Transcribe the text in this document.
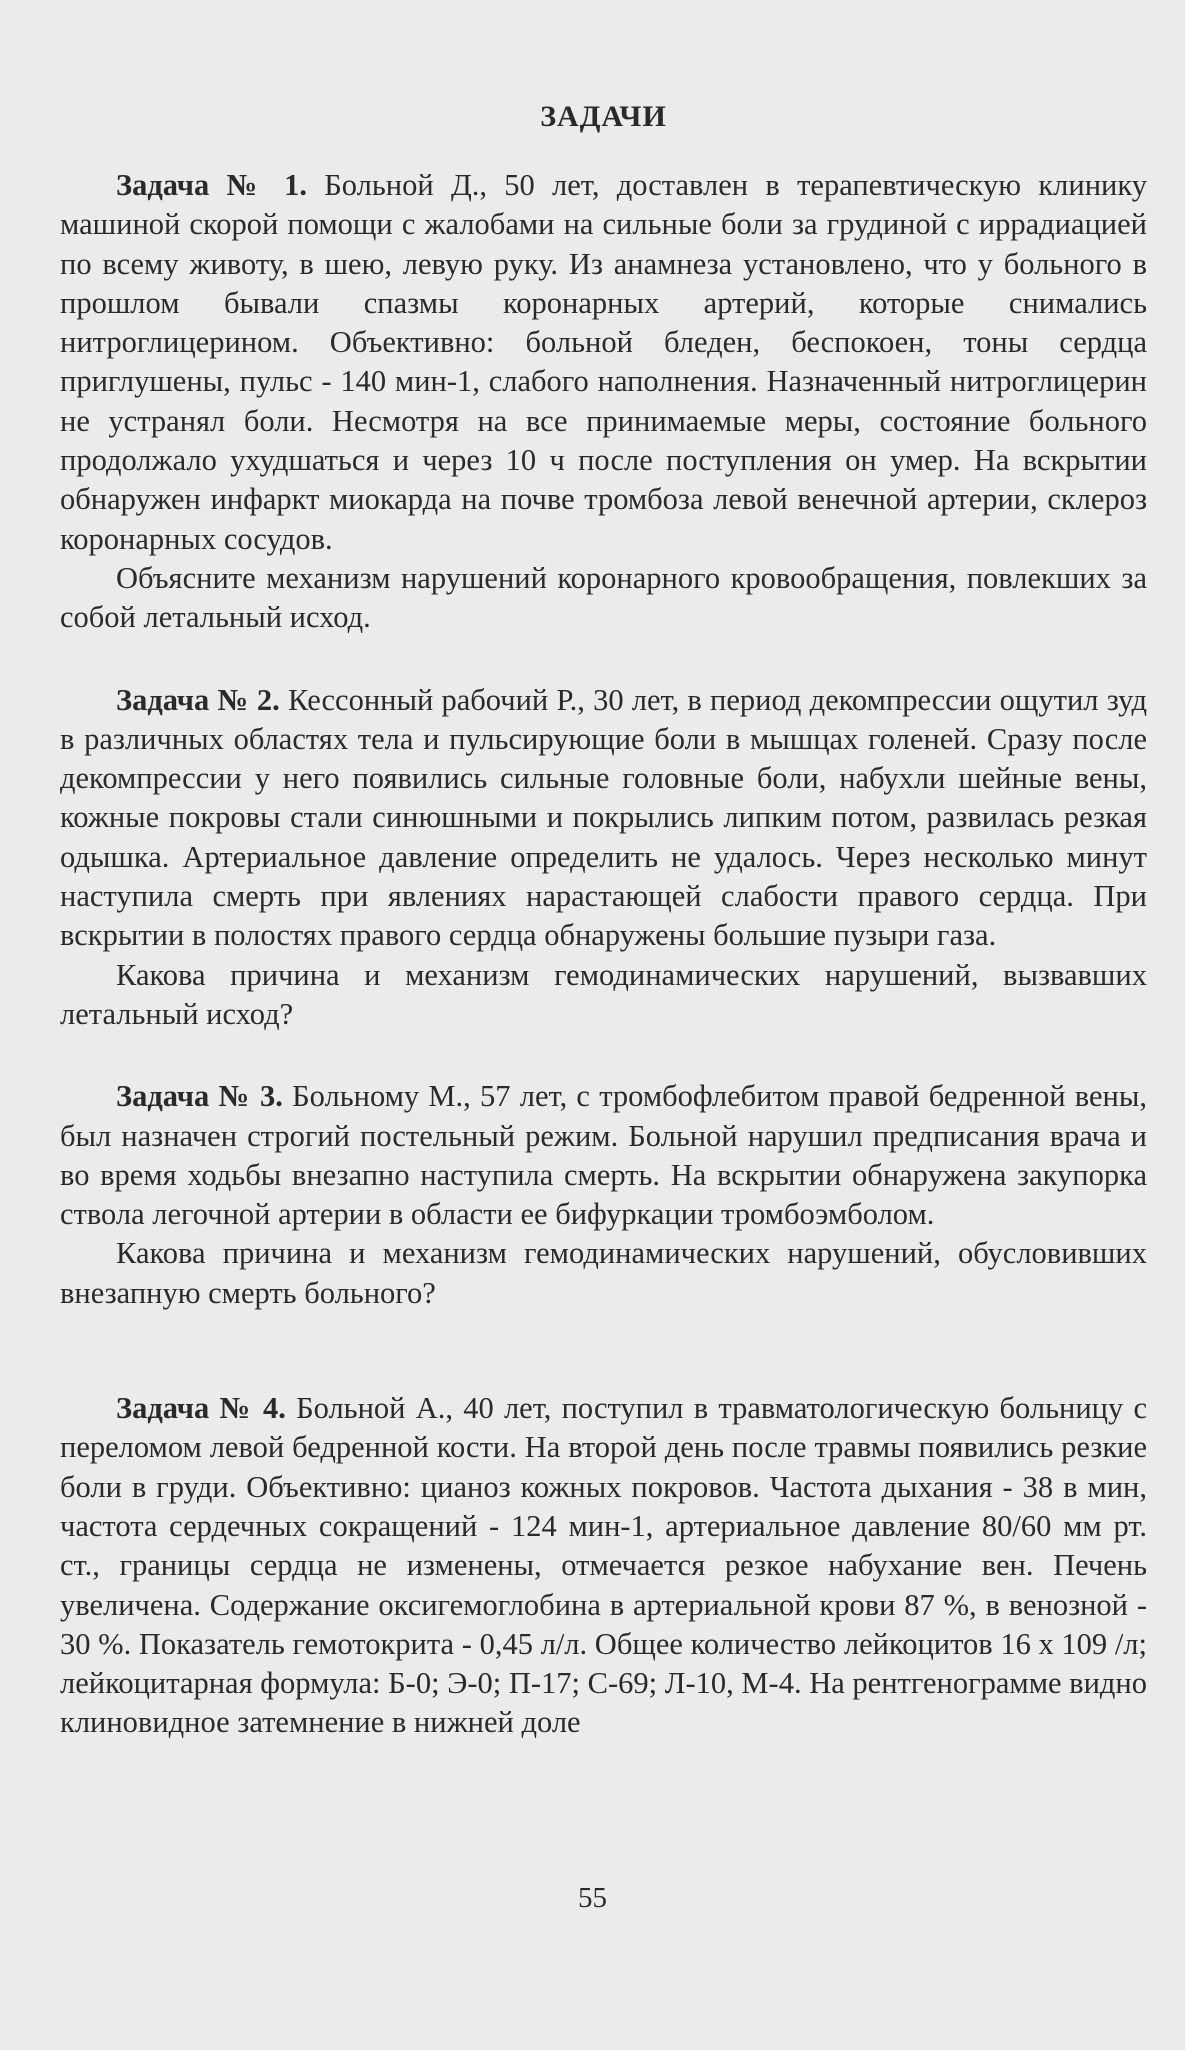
ЗАДАЧИ

Задача № 1. Больной Д., 50 лет, доставлен в терапевтическую клинику машиной скорой помощи с жалобами на сильные боли за грудиной с иррадиацией по всему животу, в шею, левую руку. Из анамнеза установлено, что у больного в прошлом бывали спазмы коронарных артерий, которые снимались нитроглицерином. Объективно: больной бледен, беспокоен, тоны сердца приглушены, пульс - 140 мин-1, слабого наполнения. Назначенный нитроглицерин не устранял боли. Несмотря на все принимаемые меры, состояние больного продолжало ухудшаться и через 10 ч после поступления он умер. На вскрытии обнаружен инфаркт миокарда на почве тромбоза левой венечной артерии, склероз коронарных сосудов.

Объясните механизм нарушений коронарного кровообращения, повлекших за собой летальный исход.

Задача № 2. Кессонный рабочий Р., 30 лет, в период декомпрессии ощутил зуд в различных областях тела и пульсирующие боли в мышцах голеней. Сразу после декомпрессии у него появились сильные головные боли, набухли шейные вены, кожные покровы стали синюшными и покрылись липким потом, развилась резкая одышка. Артериальное давление определить не удалось. Через несколько минут наступила смерть при явлениях нарастающей слабости правого сердца. При вскрытии в полостях правого сердца обнаружены большие пузыри газа.

Какова причина и механизм гемодинамических нарушений, вызвавших летальный исход?

Задача № 3. Больному М., 57 лет, с тромбофлебитом правой бедренной вены, был назначен строгий постельный режим. Больной нарушил предписания врача и во время ходьбы внезапно наступила смерть. На вскрытии обнаружена закупорка ствола легочной артерии в области ее бифуркации тромбоэмболом.

Какова причина и механизм гемодинамических нарушений, обусловивших внезапную смерть больного?

Задача № 4. Больной А., 40 лет, поступил в травматологическую больницу с переломом левой бедренной кости. На второй день после травмы появились резкие боли в груди. Объективно: цианоз кожных покровов. Частота дыхания - 38 в мин, частота сердечных сокращений - 124 мин-1, артериальное давление 80/60 мм рт. ст., границы сердца не изменены, отмечается резкое набухание вен. Печень увеличена. Содержание оксигемоглобина в артериальной крови 87 %, в венозной - 30 %. Показатель гемотокрита - 0,45 л/л. Общее количество лейкоцитов 16 x 109 /л; лейкоцитарная формула: Б-0; Э-0; П-17; С-69; Л-10, М-4. На рентгенограмме видно клиновидное затемнение в нижней доле

55
